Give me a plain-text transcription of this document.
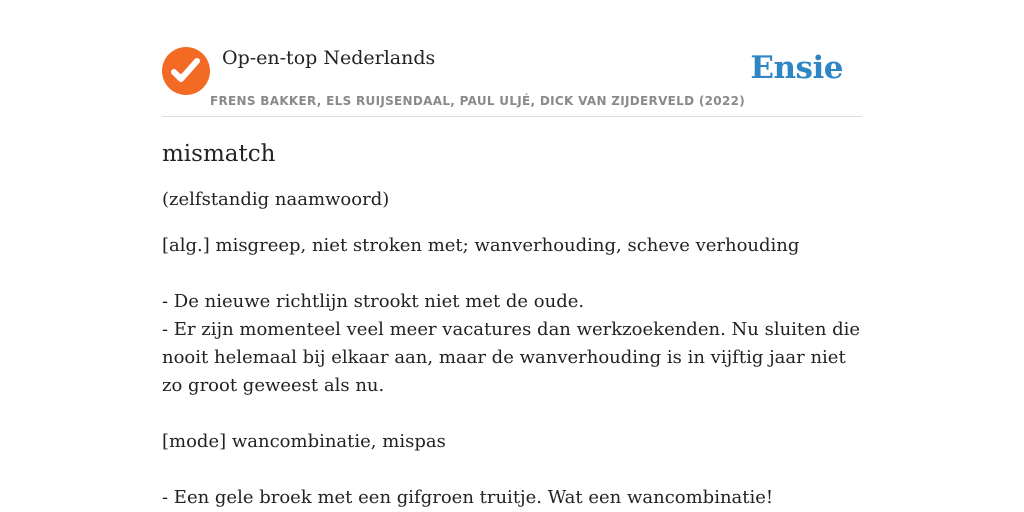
Op-en-top Nederlands
FRENS BAKKER, ELS RUIJSENDAAL, PAUL ULJÉ, DICK VAN ZIJDERVELD (2022)
Ensie
mismatch

(zelfstandig naamwoord)

[alg.] misgreep, niet stroken met; wanverhouding, scheve verhouding

- De nieuwe richtlijn strookt niet met de oude.

- Er zijn momenteel veel meer vacatures dan werkzoekenden. Nu sluiten die nooit helemaal bij elkaar aan, maar de wanverhouding is in vijftig jaar niet zo groot geweest als nu.

[mode] wancombinatie, mispas

- Een gele broek met een gifgroen truitje. Wat een wancombinatie!
